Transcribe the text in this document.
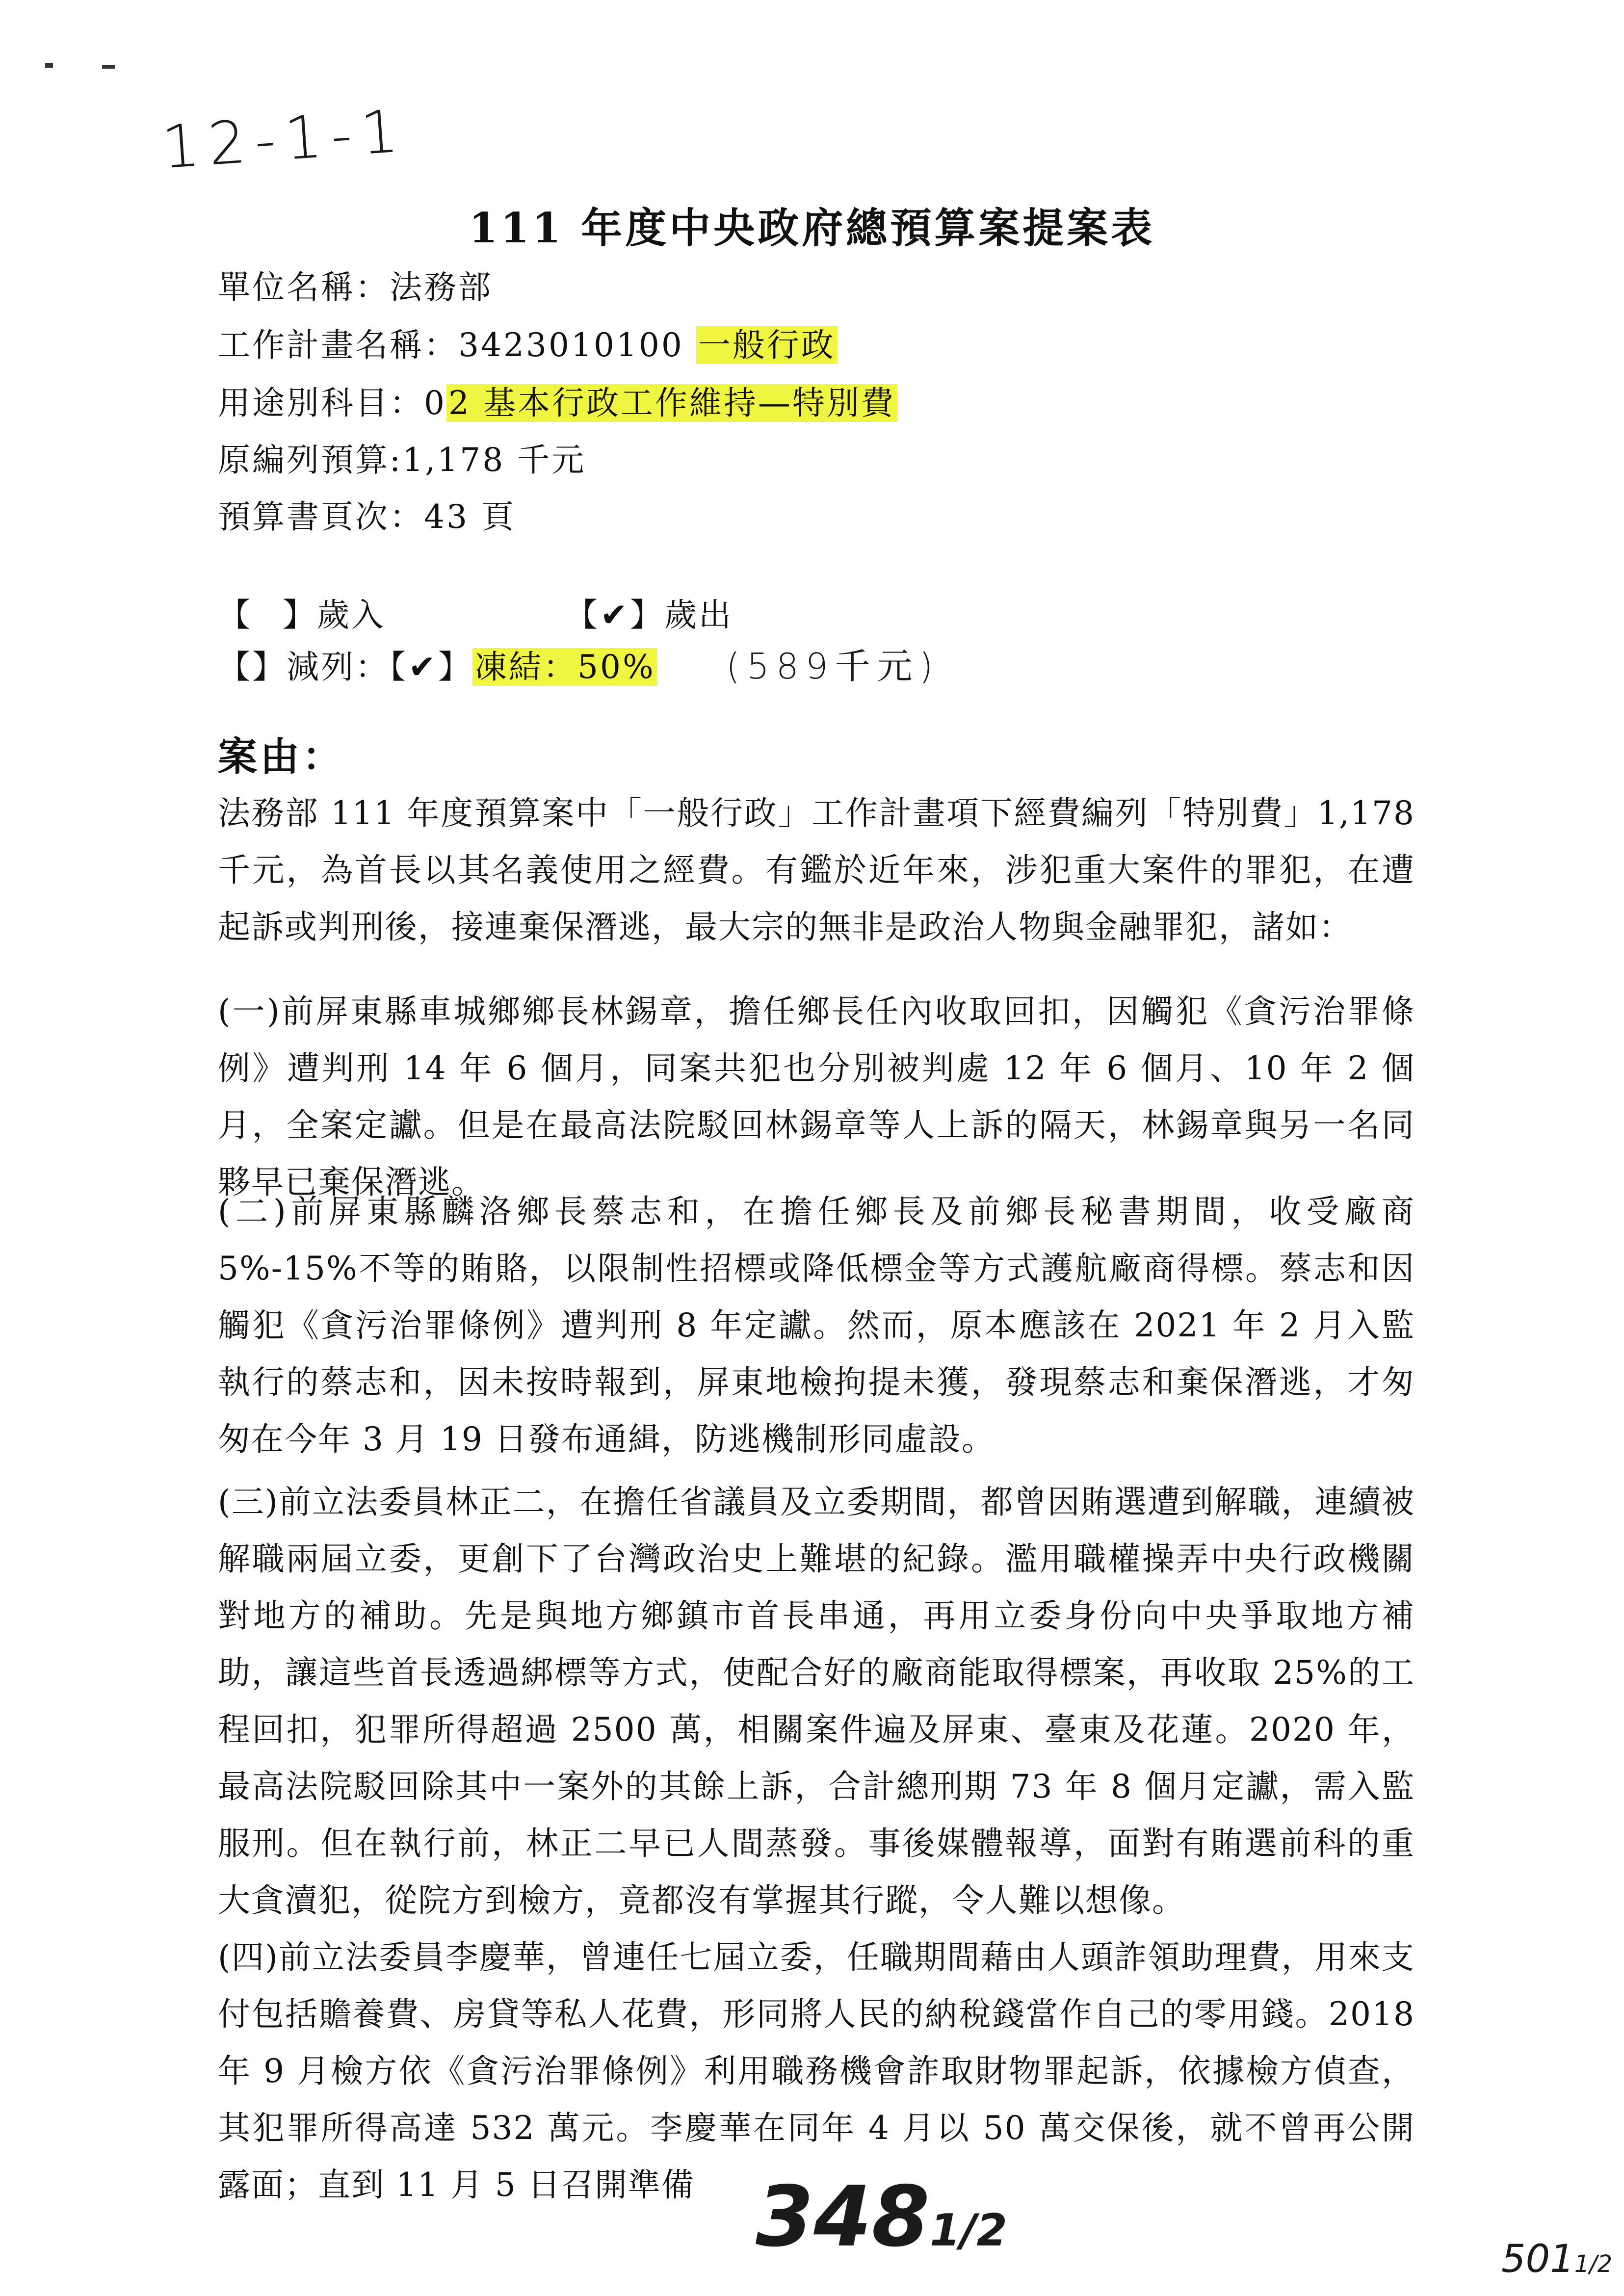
12-1-1
111 年度中央政府總預算案提案表
單位名稱：法務部
工作計畫名稱：3423010100 一般行政
用途別科目：02 基本行政工作維持—特別費
原編列預算:1,178 千元
預算書頁次：43 頁
【 】歲入	【✔】歲出
【】減列：【✔】凍結：50% (589千元)
案由：
法務部 111 年度預算案中「一般行政」工作計畫項下經費編列「特別費」1,178 千元，為首長以其名義使用之經費。有鑑於近年來，涉犯重大案件的罪犯，在遭起訴或判刑後，接連棄保潛逃，最大宗的無非是政治人物與金融罪犯，諸如：
(一)前屏東縣車城鄉鄉長林錫章，擔任鄉長任內收取回扣，因觸犯《貪污治罪條例》遭判刑 14 年 6 個月，同案共犯也分別被判處 12 年 6 個月、10 年 2 個月，全案定讞。但是在最高法院駁回林錫章等人上訴的隔天，林錫章與另一名同夥早已棄保潛逃。
(二)前屏東縣麟洛鄉長蔡志和，在擔任鄉長及前鄉長秘書期間，收受廠商 5%-15%不等的賄賂，以限制性招標或降低標金等方式護航廠商得標。蔡志和因觸犯《貪污治罪條例》遭判刑 8 年定讞。然而，原本應該在 2021 年 2 月入監執行的蔡志和，因未按時報到，屏東地檢拘提未獲，發現蔡志和棄保潛逃，才匆匆在今年 3 月 19 日發布通緝，防逃機制形同虛設。
(三)前立法委員林正二，在擔任省議員及立委期間，都曾因賄選遭到解職，連續被解職兩屆立委，更創下了台灣政治史上難堪的紀錄。濫用職權操弄中央行政機關對地方的補助。先是與地方鄉鎮市首長串通，再用立委身份向中央爭取地方補助，讓這些首長透過綁標等方式，使配合好的廠商能取得標案，再收取 25%的工程回扣，犯罪所得超過 2500 萬，相關案件遍及屏東、臺東及花蓮。2020 年，最高法院駁回除其中一案外的其餘上訴，合計總刑期 73 年 8 個月定讞，需入監服刑。但在執行前，林正二早已人間蒸發。事後媒體報導，面對有賄選前科的重大貪瀆犯，從院方到檢方，竟都沒有掌握其行蹤，令人難以想像。
(四)前立法委員李慶華，曾連任七屆立委，任職期間藉由人頭詐領助理費，用來支付包括贍養費、房貸等私人花費，形同將人民的納稅錢當作自己的零用錢。2018 年 9 月檢方依《貪污治罪條例》利用職務機會詐取財物罪起訴，依據檢方偵查，其犯罪所得高達 532 萬元。李慶華在同年 4 月以 50 萬交保後，就不曾再公開露面；直到 11 月 5 日召開準備 3481/2
5011/2
